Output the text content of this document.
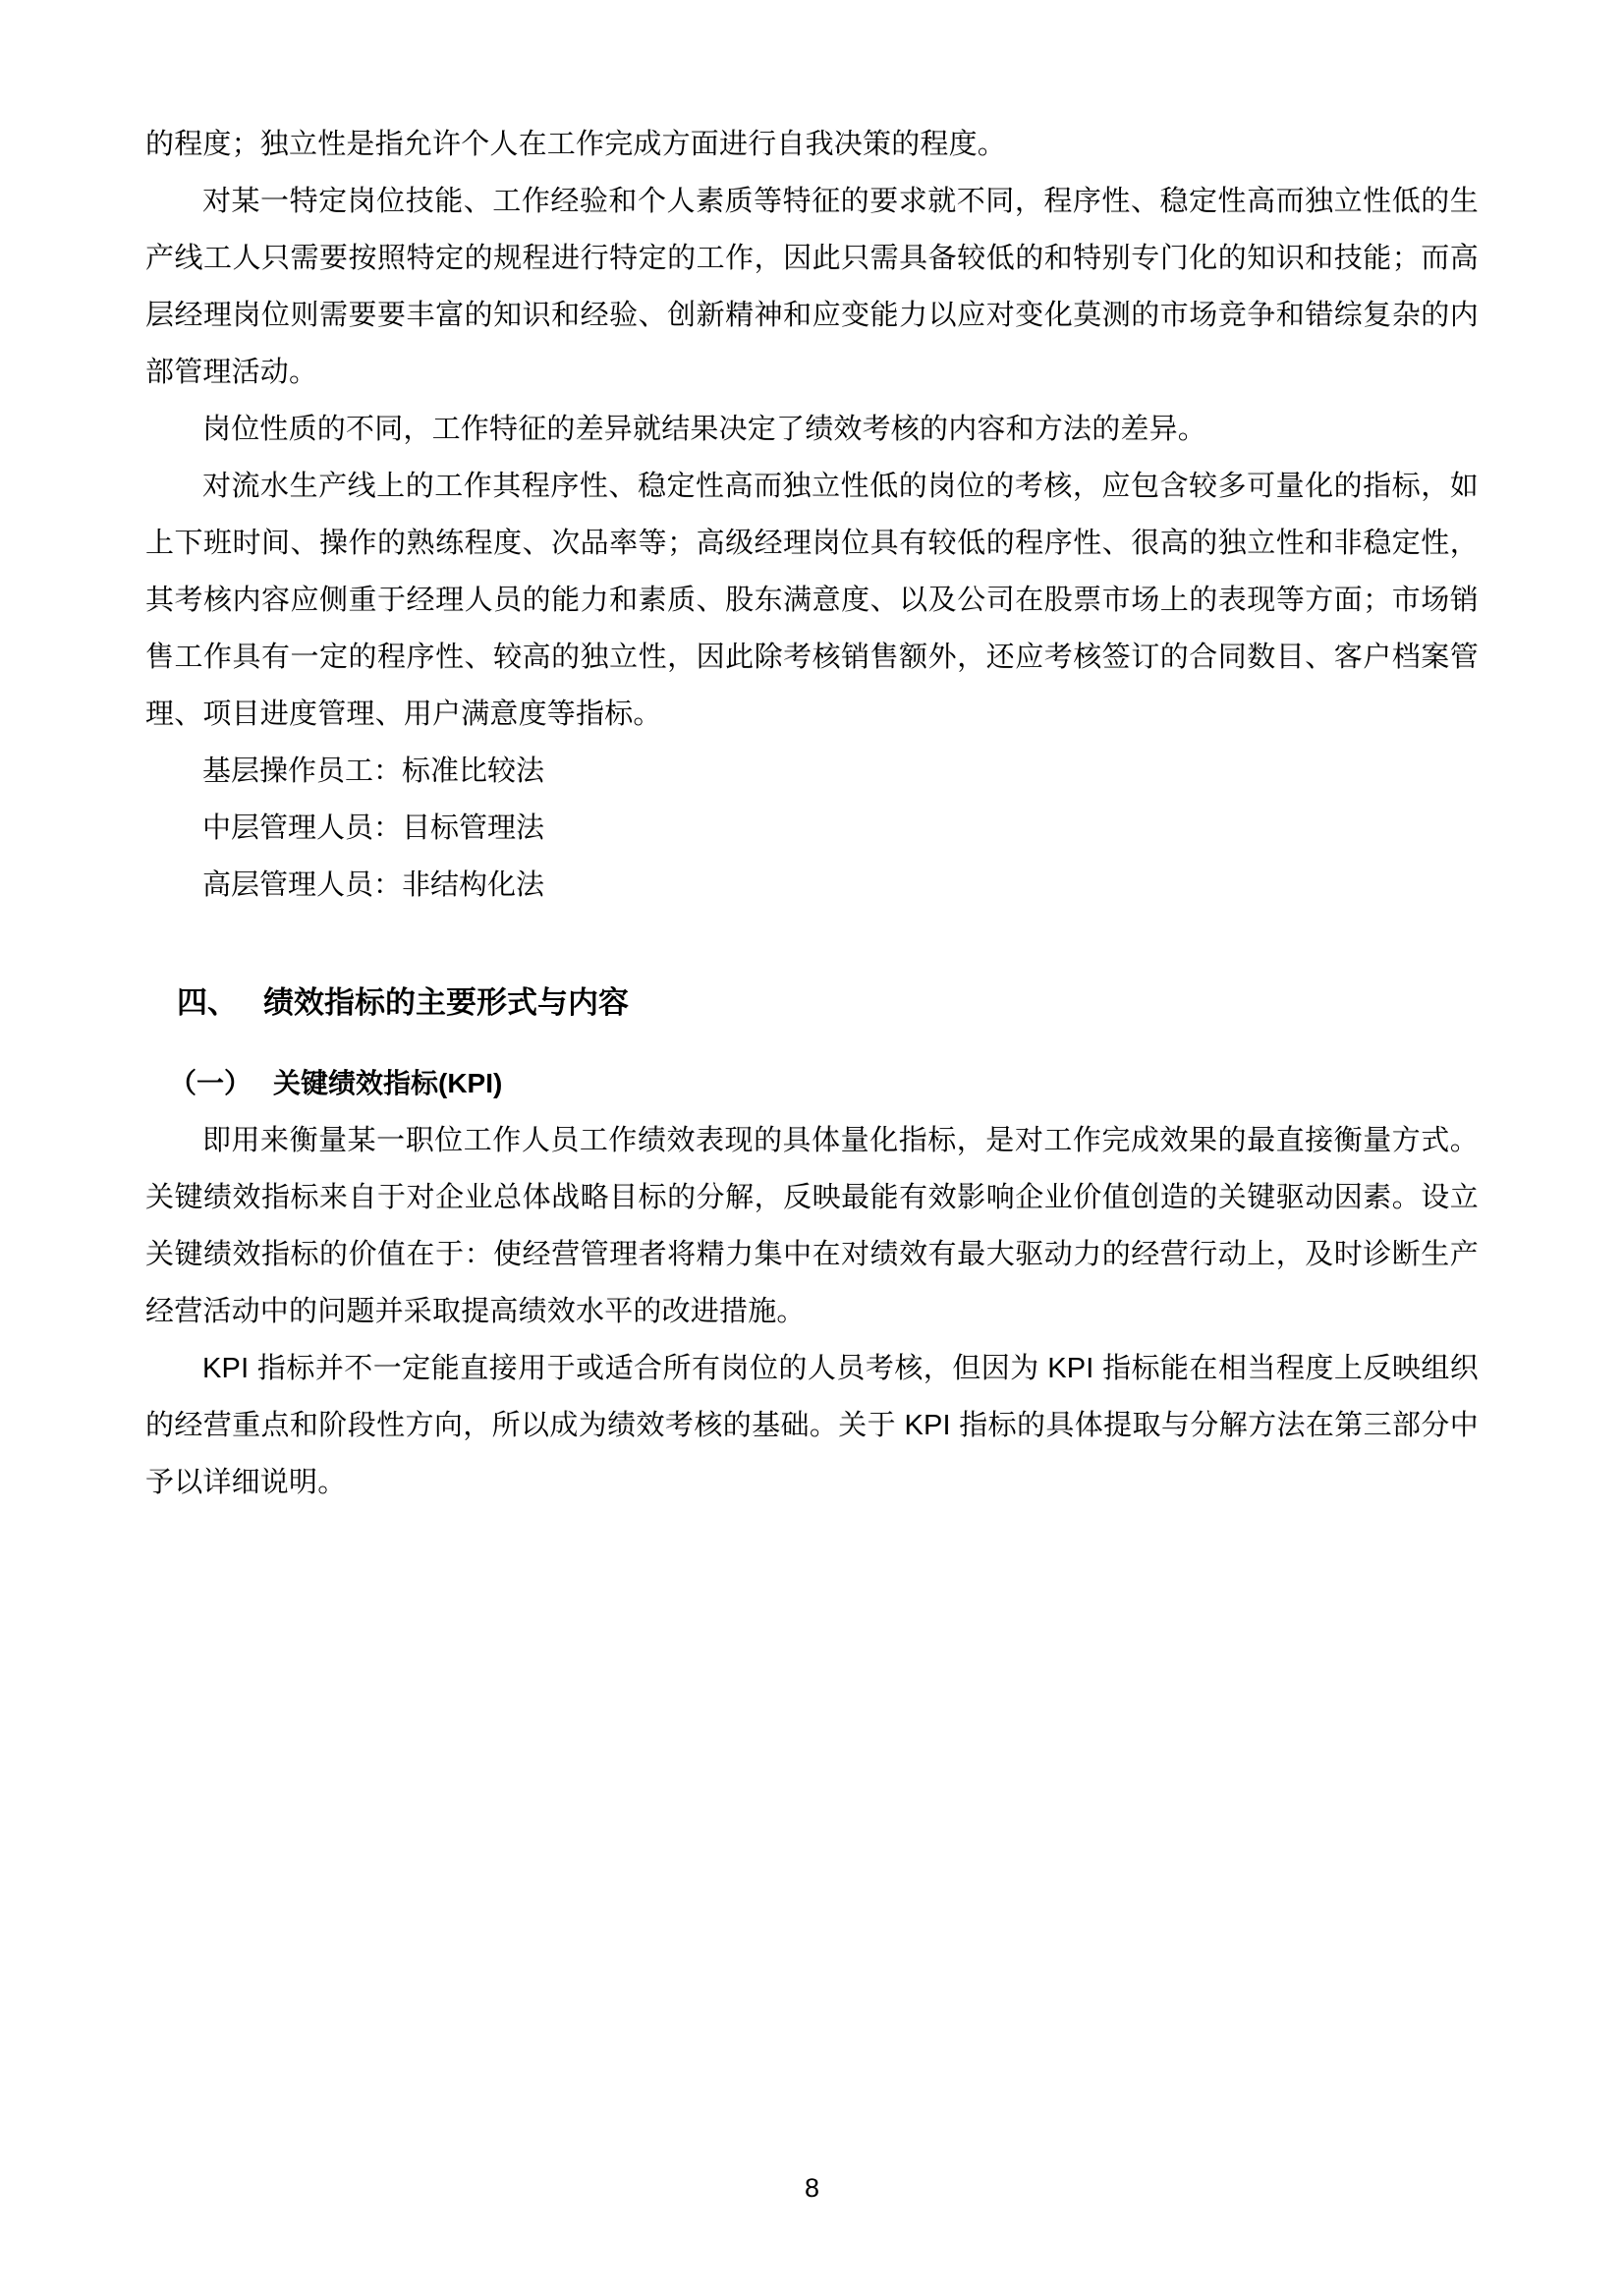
的程度；独立性是指允许个人在工作完成方面进行自我决策的程度。

对某一特定岗位技能、工作经验和个人素质等特征的要求就不同，程序性、稳定性高而独立性低的生产线工人只需要按照特定的规程进行特定的工作，因此只需具备较低的和特别专门化的知识和技能；而高层经理岗位则需要要丰富的知识和经验、创新精神和应变能力以应对变化莫测的市场竞争和错综复杂的内部管理活动。

岗位性质的不同，工作特征的差异就结果决定了绩效考核的内容和方法的差异。

对流水生产线上的工作其程序性、稳定性高而独立性低的岗位的考核，应包含较多可量化的指标，如上下班时间、操作的熟练程度、次品率等；高级经理岗位具有较低的程序性、很高的独立性和非稳定性，其考核内容应侧重于经理人员的能力和素质、股东满意度、以及公司在股票市场上的表现等方面；市场销售工作具有一定的程序性、较高的独立性，因此除考核销售额外，还应考核签订的合同数目、客户档案管理、项目进度管理、用户满意度等指标。

基层操作员工：标准比较法

中层管理人员：目标管理法

高层管理人员：非结构化法

四、 绩效指标的主要形式与内容
（一） 关键绩效指标(KPI)

即用来衡量某一职位工作人员工作绩效表现的具体量化指标，是对工作完成效果的最直接衡量方式。关键绩效指标来自于对企业总体战略目标的分解，反映最能有效影响企业价值创造的关键驱动因素。设立关键绩效指标的价值在于：使经营管理者将精力集中在对绩效有最大驱动力的经营行动上，及时诊断生产经营活动中的问题并采取提高绩效水平的改进措施。

KPI 指标并不一定能直接用于或适合所有岗位的人员考核，但因为 KPI 指标能在相当程度上反映组织的经营重点和阶段性方向，所以成为绩效考核的基础。关于 KPI 指标的具体提取与分解方法在第三部分中予以详细说明。

8
